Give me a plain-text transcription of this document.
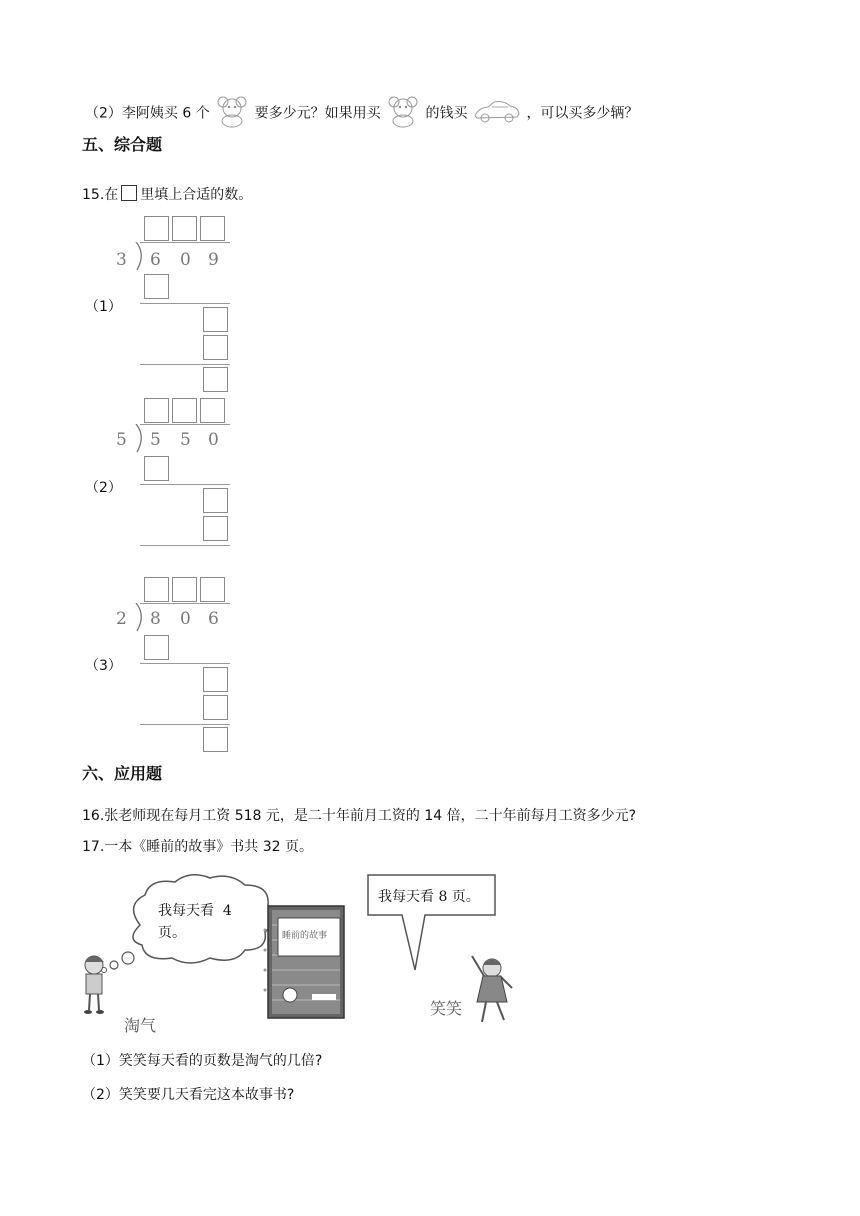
（2）李阿姨买 6 个	要多少元？如果用买	的钱买	，可以买多少辆？
五、综合题
15.在 里填上合适的数。
（1）
3 6 0 9
（2）
5 5 5 0
（3）
2 8 0 6
六、应用题
16.张老师现在每月工资 518 元，是二十年前月工资的 14 倍，二十年前每月工资多少元?
17.一本《睡前的故事》书共 32 页。
我每天看  4
页。	睡前的故事
我每天看 8 页。
淘气
笑笑
（1）笑笑每天看的页数是淘气的几倍?
（2）笑笑要几天看完这本故事书?
